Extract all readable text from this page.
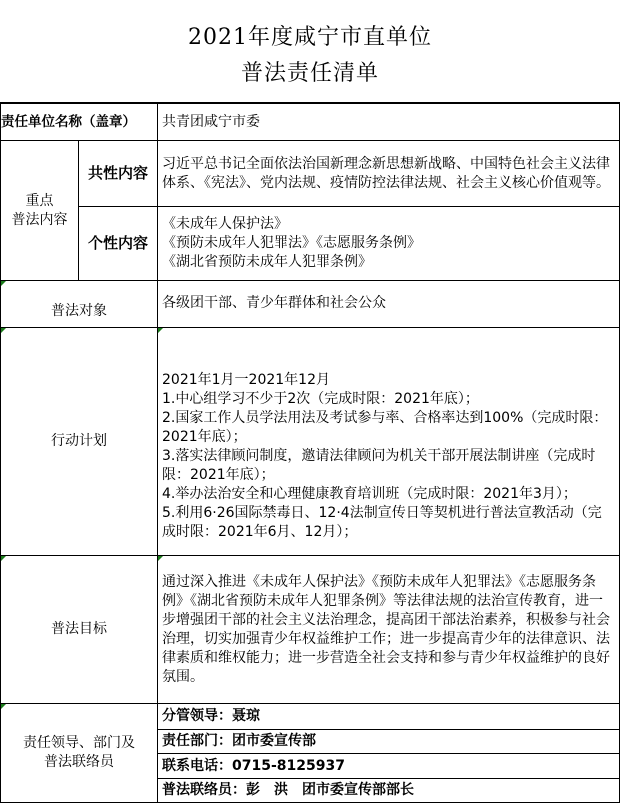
2021年度咸宁市直单位
普法责任清单
责任单位名称（盖章）	共青团咸宁市委
重点
普法内容
共性内容
习近平总书记全面依法治国新理念新思想新战略、中国特色社会主义法律体系、《宪法》、党内法规、疫情防控法律法规、社会主义核心价值观等。
个性内容
《未成年人保护法》
《预防未成年人犯罪法》《志愿服务条例》
《湖北省预防未成年人犯罪条例》
普法对象	各级团干部、青少年群体和社会公众
行动计划
2021年1月一2021年12月
1.中心组学习不少于2次（完成时限：2021年底）；
2.国家工作人员学法用法及考试参与率、合格率达到100%（完成时限：2021年底）；
3.落实法律顾问制度，邀请法律顾问为机关干部开展法制讲座（完成时限：2021年底）；
4.举办法治安全和心理健康教育培训班（完成时限：2021年3月）；
5.利用6·26国际禁毒日、12·4法制宣传日等契机进行普法宣教活动（完成时限：2021年6月、12月）；
普法目标
通过深入推进《未成年人保护法》《预防未成年人犯罪法》《志愿服务条例》《湖北省预防未成年人犯罪条例》等法律法规的法治宣传教育，进一步增强团干部的社会主义法治理念，提高团干部法治素养，积极参与社会治理，切实加强青少年权益维护工作；进一步提高青少年的法律意识、法律素质和维权能力；进一步营造全社会支持和参与青少年权益维护的良好氛围。
责任领导、部门及
普法联络员
分管领导：聂琼
责任部门：团市委宣传部
联系电话：0715-8125937
普法联络员：彭　洪　团市委宣传部部长
